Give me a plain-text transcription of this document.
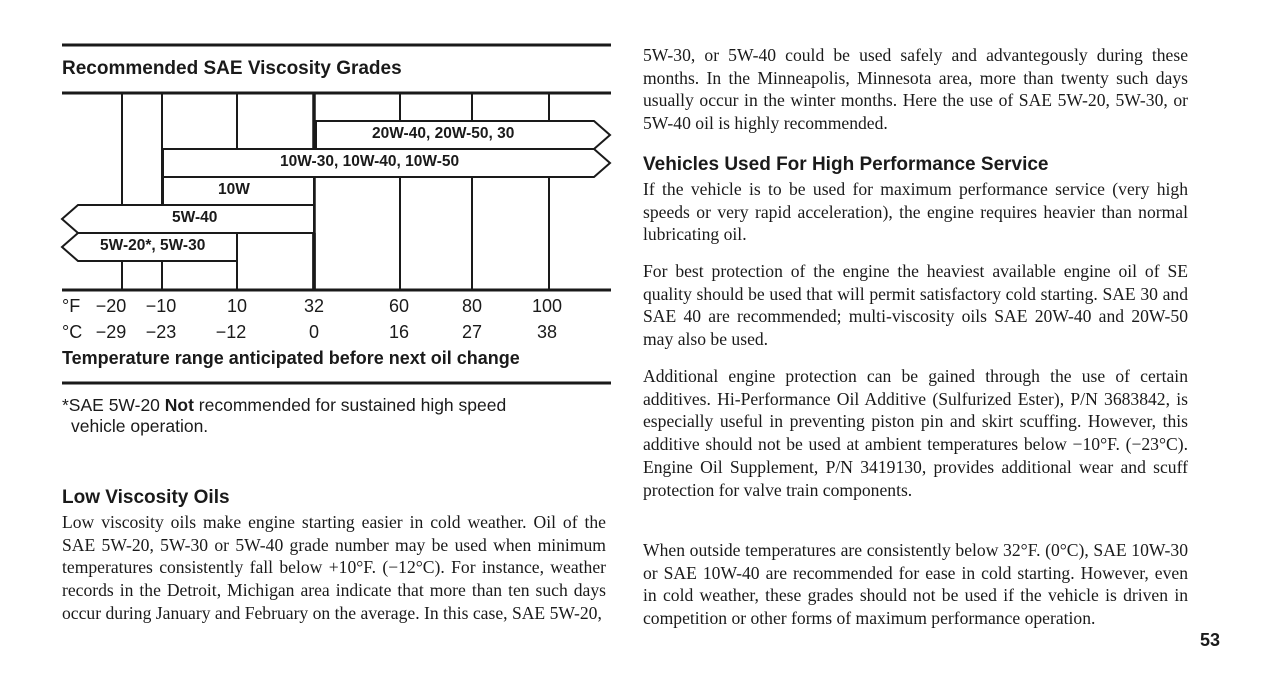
Recommended SAE Viscosity Grades
20W-40, 20W-50, 30
10W-30, 10W-40, 10W-50
10W
5W-40
5W-20*, 5W-30
°F −20 −10	10	32	60	80	100
°C −29 −23 −12	0	16	27	38
Temperature range anticipated before next oil change
*SAE 5W-20 Not recommended for sustained high speed
vehicle operation.
Low Viscosity Oils

Low viscosity oils make engine starting easier in cold weather. Oil of the SAE 5W-20, 5W-30 or 5W-40 grade number may be used when minimum temperatures consistently fall below +10°F. (−12°C). For instance, weather records in the Detroit, Michigan area indicate that more than ten such days occur during January and February on the average. In this case, SAE 5W-20,

5W-30, or 5W-40 could be used safely and advantegously during these months. In the Minneapolis, Minnesota area, more than twenty such days usually occur in the winter months. Here the use of SAE 5W-20, 5W-30, or 5W-40 oil is highly recommended.

Vehicles Used For High Performance Service

If the vehicle is to be used for maximum performance service (very high speeds or very rapid acceleration), the engine requires heavier than normal lubricating oil.

For best protection of the engine the heaviest available engine oil of SE quality should be used that will permit satisfactory cold starting. SAE 30 and SAE 40 are recommended; multi-viscosity oils SAE 20W-40 and 20W-50 may also be used.

Additional engine protection can be gained through the use of certain additives. Hi-Performance Oil Additive (Sulfurized Ester), P/N 3683842, is especially useful in preventing piston pin and skirt scuffing. However, this additive should not be used at ambient temperatures below −10°F. (−23°C). Engine Oil Supplement, P/N 3419130, provides additional wear and scuff protection for valve train components.

When outside temperatures are consistently below 32°F. (0°C), SAE 10W-30 or SAE 10W-40 are recommended for ease in cold starting. However, even in cold weather, these grades should not be used if the vehicle is driven in competition or other forms of maximum performance operation.

53
